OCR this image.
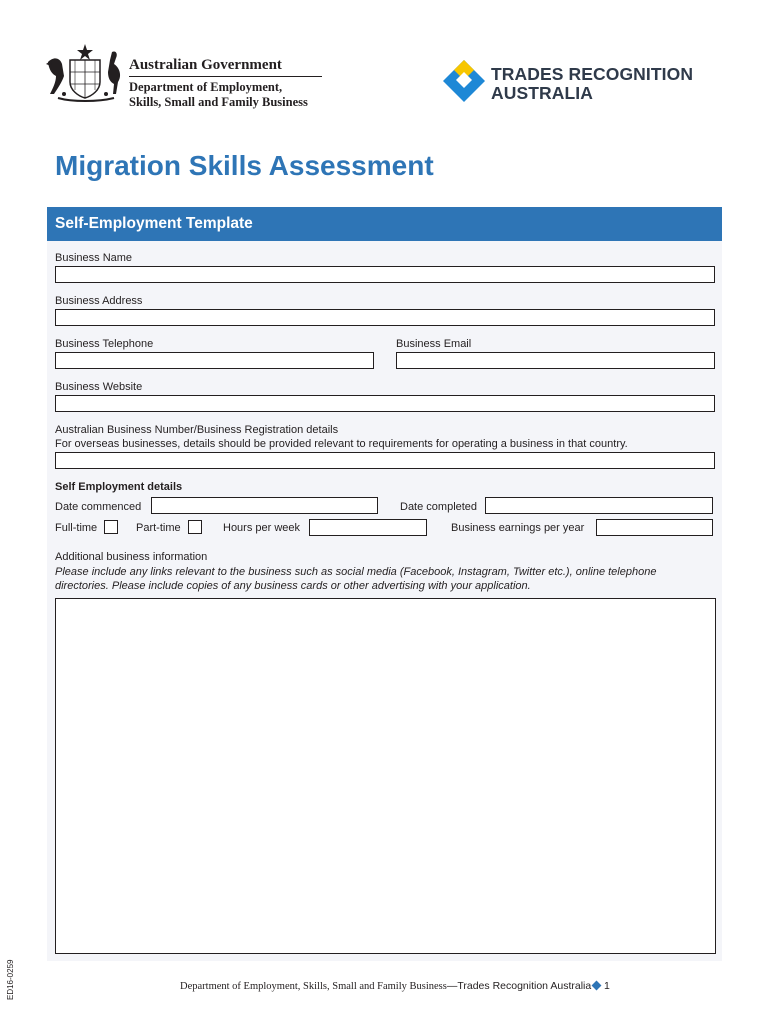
Australian Government
Department of Employment,
Skills, Small and Family Business
TRADES RECOGNITION
AUSTRALIA
Migration Skills Assessment
Self-Employment Template
Business Name
Business Address
Business Telephone	Business Email
Business Website
Australian Business Number/Business Registration details
For overseas businesses, details should be provided relevant to requirements for operating a business in that country.
Self Employment details
Date commenced	Date completed
Full-time	Part-time	Hours per week	Business earnings per year
Additional business information
Please include any links relevant to the business such as social media (Facebook, Instagram, Twitter etc.), online telephone
directories. Please include copies of any business cards or other advertising with your application.
Department of Employment, Skills, Small and Family Business—Trades Recognition Australia 1
ED16-0259
